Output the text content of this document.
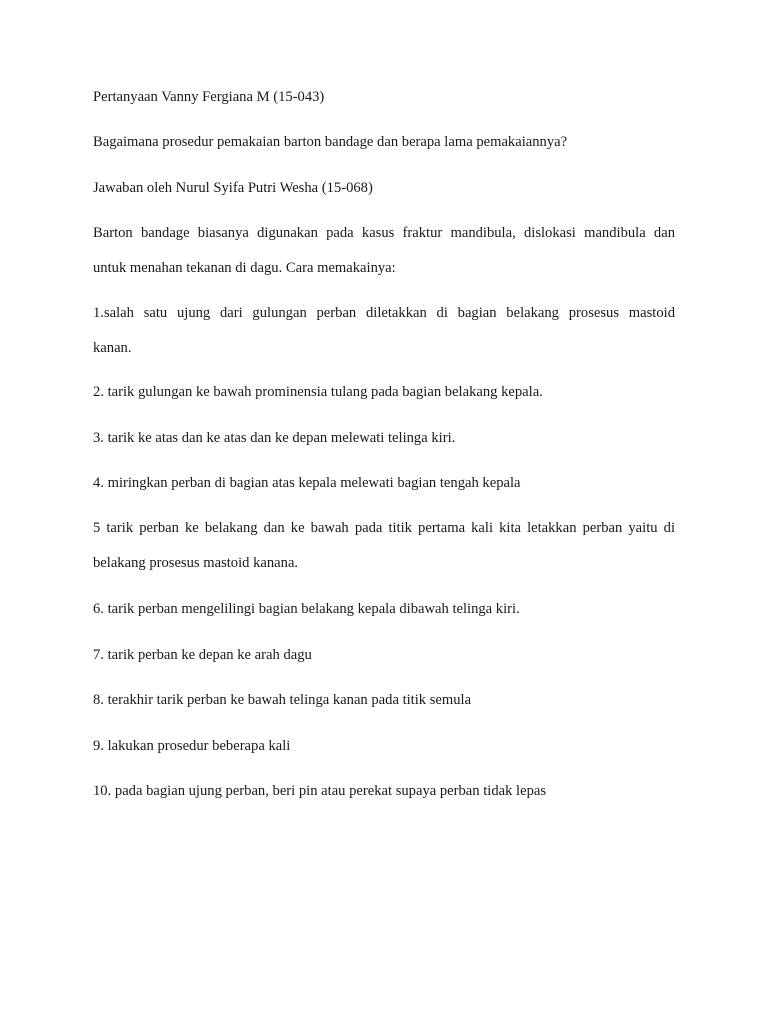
Pertanyaan Vanny Fergiana M (15-043)
Bagaimana prosedur pemakaian barton bandage dan berapa lama pemakaiannya?
Jawaban oleh Nurul Syifa Putri Wesha (15-068)
Barton bandage biasanya digunakan pada kasus fraktur mandibula, dislokasi mandibula dan
untuk menahan tekanan di dagu. Cara memakainya:
1.salah satu ujung dari gulungan perban diletakkan di bagian belakang prosesus mastoid
kanan.
2. tarik gulungan ke bawah prominensia tulang pada bagian belakang kepala.
3. tarik ke atas dan ke atas dan ke depan melewati telinga kiri.
4. miringkan perban di bagian atas kepala melewati bagian tengah kepala
5 tarik perban ke belakang dan ke bawah pada titik pertama kali kita letakkan perban yaitu di
belakang prosesus mastoid kanana.
6. tarik perban mengelilingi bagian belakang kepala dibawah telinga kiri.
7. tarik perban ke depan ke arah dagu
8. terakhir tarik perban ke bawah telinga kanan pada titik semula
9. lakukan prosedur beberapa kali
10. pada bagian ujung perban, beri pin atau perekat supaya perban tidak lepas
